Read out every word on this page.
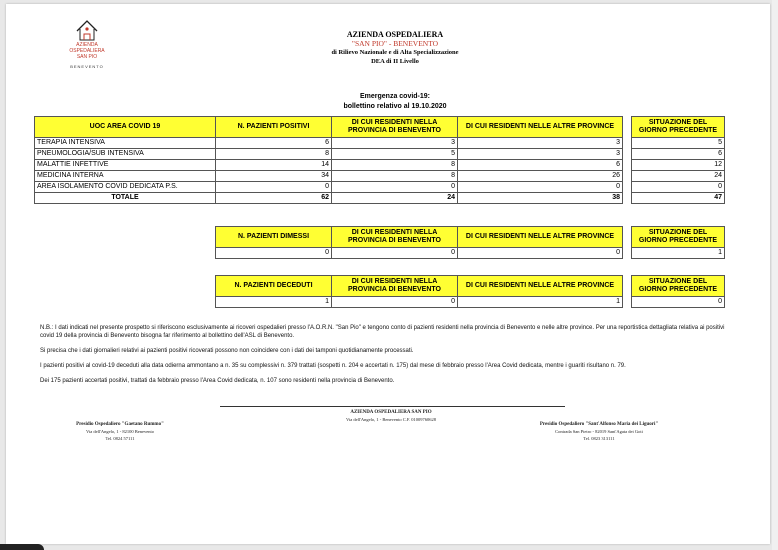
AZIENDA
OSPEDALIERA
SAN PIO
BENEVENTO
AZIENDA OSPEDALIERA
"SAN PIO" - BENEVENTO
di Rilievo Nazionale e di Alta Specializzazione
DEA di II Livello
Emergenza covid-19:
bollettino relativo al 19.10.2020
UOC AREA COVID 19	N. PAZIENTI POSITIVI	DI CUI RESIDENTI NELLA PROVINCIA DI BENEVENTO	DI CUI RESIDENTI NELLE ALTRE PROVINCE		SITUAZIONE DEL GIORNO PRECEDENTE
TERAPIA INTENSIVA	6	3	3		5
PNEUMOLOGIA/SUB INTENSIVA	8	5	3		6
MALATTIE INFETTIVE	14	8	6		12
MEDICINA INTERNA	34	8	26		24
AREA ISOLAMENTO COVID DEDICATA P.S.	0	0	0		0
TOTALE	62	24	38		47
N. PAZIENTI DIMESSI	DI CUI RESIDENTI NELLA PROVINCIA DI BENEVENTO	DI CUI RESIDENTI NELLE ALTRE PROVINCE		SITUAZIONE DEL GIORNO PRECEDENTE
0	0	0		1
N. PAZIENTI DECEDUTI	DI CUI RESIDENTI NELLA PROVINCIA DI BENEVENTO	DI CUI RESIDENTI NELLE ALTRE PROVINCE		SITUAZIONE DEL GIORNO PRECEDENTE
1	0	1		0

N.B.: I dati indicati nel presente prospetto si riferiscono esclusivamente ai ricoveri ospedalieri presso l'A.O.R.N. "San Pio" e tengono conto di pazienti residenti nella provincia di Benevento e nelle altre province. Per una reportistica dettagliata relativa ai positivi covid 19 della provincia di Benevento bisogna far riferimento al bollettino dell'ASL di Benevento.

Si precisa che i dati giornalieri relativi ai pazienti positivi ricoverati possono non coincidere con i dati dei tamponi quotidianamente processati.

I pazienti positivi al covid-19 deceduti alla data odierna ammontano a n. 35 su complessivi n. 379 trattati (sospetti n. 204 e accertati n. 175) dal mese di febbraio presso l'Area Covid dedicata, mentre i guariti risultano n. 79.

Dei 175 pazienti accertati positivi, trattati da febbraio presso l'Area Covid dedicata, n. 107 sono residenti nella provincia di Benevento.

AZIENDA OSPEDALIERA SAN PIO
Via dell'Angelo, 1 - Benevento C.F. 01009760628
Presidio Ospedaliero "Gaetano Rummo"
Via dell'Angelo, 1 - 82100 Benevento
Tel. 0824 57111
Presidio Ospedaliero "Sant'Alfonso Maria dei Liguori"
Contrada San Pietro - 82019 Sant'Agata dei Goti
Tel. 0823 313111
